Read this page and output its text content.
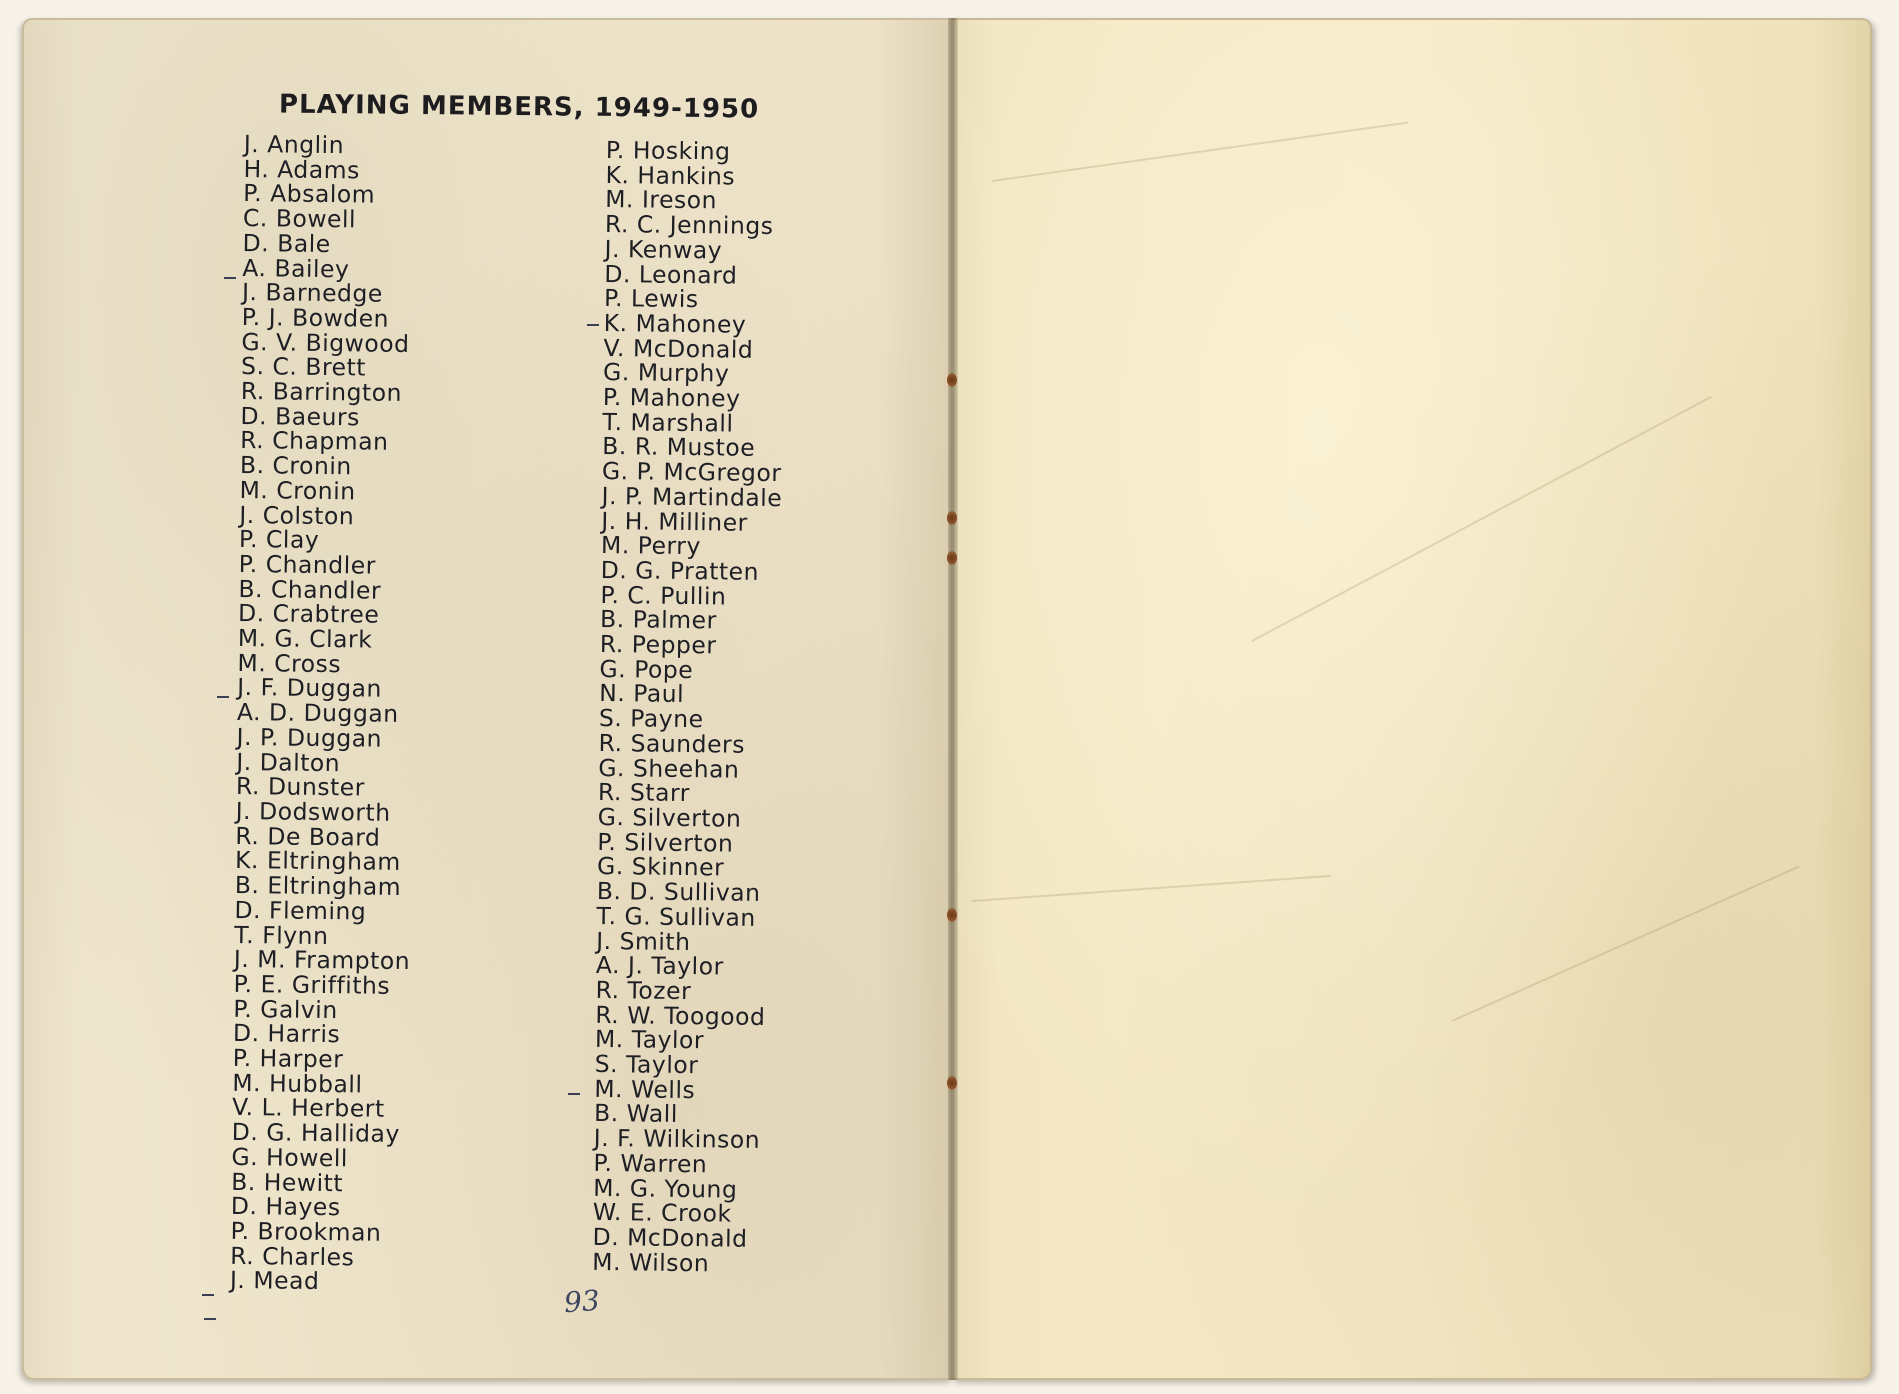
PLAYING MEMBERS, 1949-1950
J. Anglin
H. Adams
P. Absalom
C. Bowell
D. Bale
A. Bailey
J. Barnedge
P. J. Bowden
G. V. Bigwood
S. C. Brett
R. Barrington
D. Baeurs
R. Chapman
B. Cronin
M. Cronin
J. Colston
P. Clay
P. Chandler
B. Chandler
D. Crabtree
M. G. Clark
M. Cross
J. F. Duggan
A. D. Duggan
J. P. Duggan
J. Dalton
R. Dunster
J. Dodsworth
R. De Board
K. Eltringham
B. Eltringham
D. Fleming
T. Flynn
J. M. Frampton
P. E. Griffiths
P. Galvin
D. Harris
P. Harper
M. Hubball
V. L. Herbert
D. G. Halliday
G. Howell
B. Hewitt
D. Hayes
P. Brookman
R. Charles
J. Mead
P. Hosking
K. Hankins
M. Ireson
R. C. Jennings
J. Kenway
D. Leonard
P. Lewis
K. Mahoney
V. McDonald
G. Murphy
P. Mahoney
T. Marshall
B. R. Mustoe
G. P. McGregor
J. P. Martindale
J. H. Milliner
M. Perry
D. G. Pratten
P. C. Pullin
B. Palmer
R. Pepper
G. Pope
N. Paul
S. Payne
R. Saunders
G. Sheehan
R. Starr
G. Silverton
P. Silverton
G. Skinner
B. D. Sullivan
T. G. Sullivan
J. Smith
A. J. Taylor
R. Tozer
R. W. Toogood
M. Taylor
S. Taylor
M. Wells
B. Wall
J. F. Wilkinson
P. Warren
M. G. Young
W. E. Crook
D. McDonald
M. Wilson
93
